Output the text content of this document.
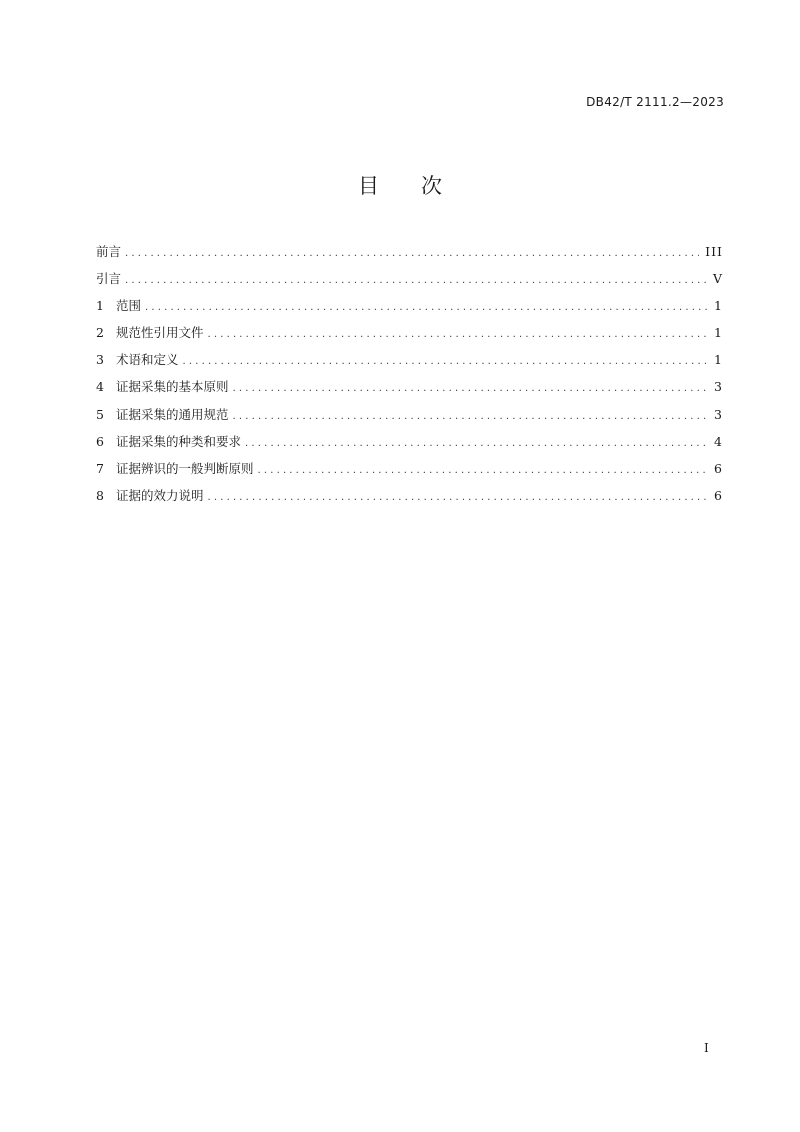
DB42/T 2111.2—2023
目 次
前言 . . .	III
引言 . . .	V
1 范围 . . .	1
2 规范性引用文件 . . .	1
3 术语和定义 . . .	1
4 证据采集的基本原则 . . .	3
5 证据采集的通用规范 . . .	3
6 证据采集的种类和要求 . . .	4
7 证据辨识的一般判断原则 . . .	6
8 证据的效力说明 . . .	6
I
